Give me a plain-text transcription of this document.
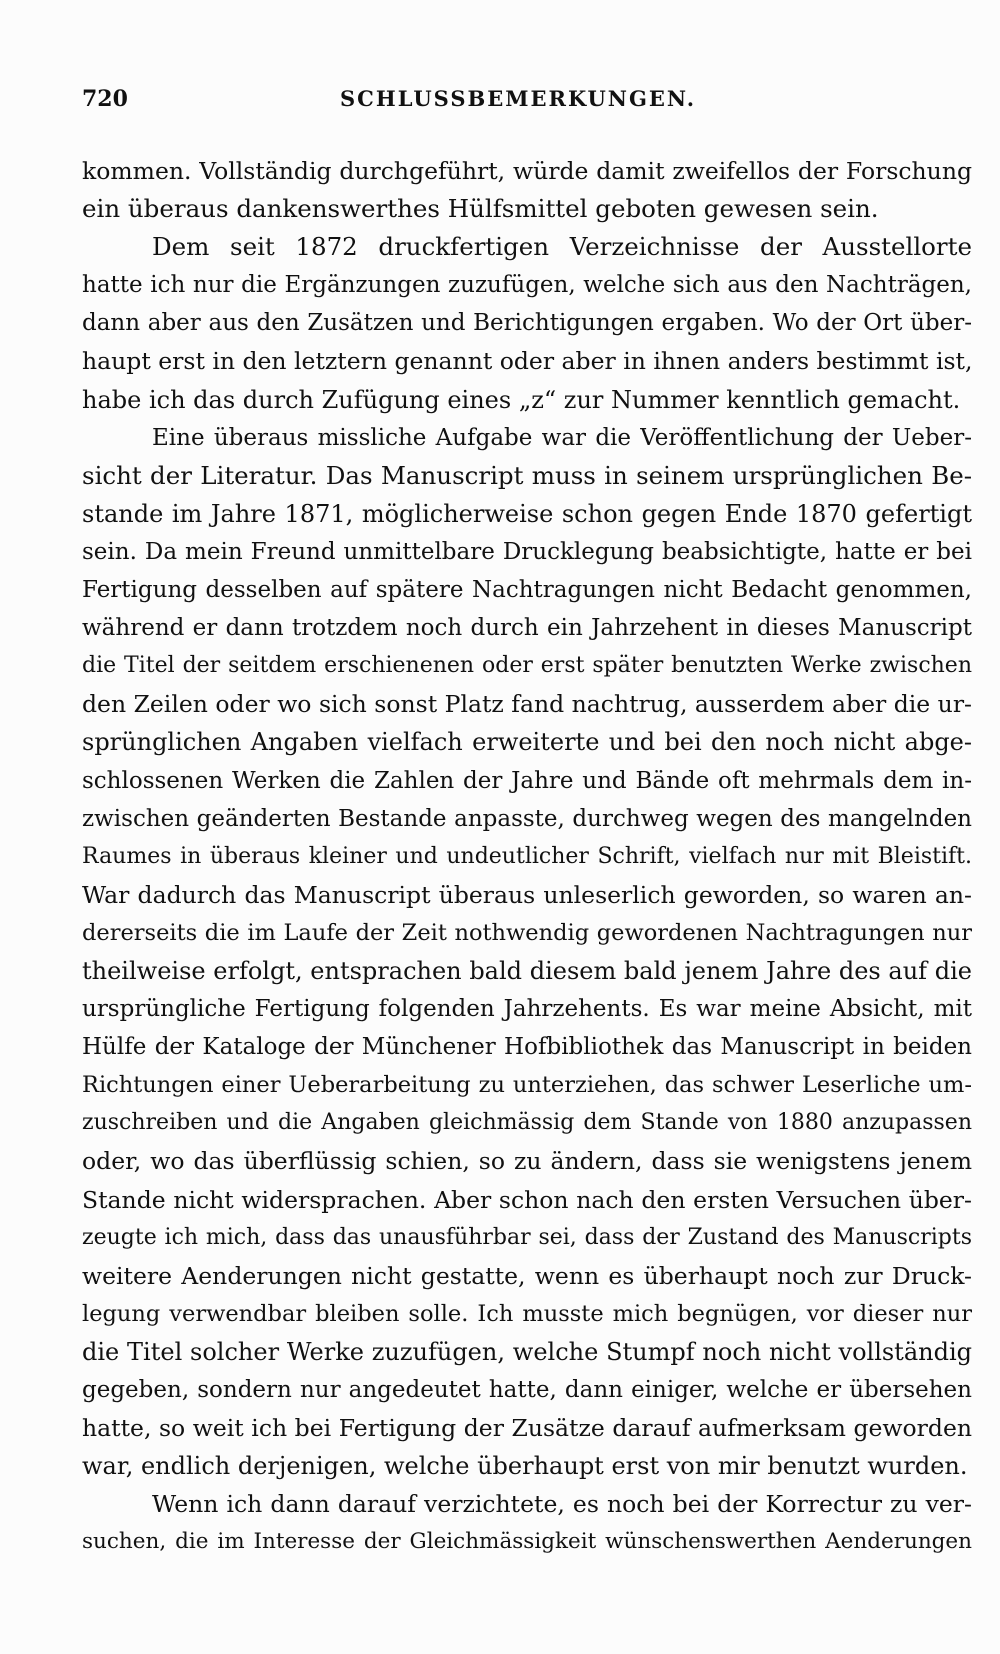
720	SCHLUSSBEMERKUNGEN.
kommen. Vollständig durchgeführt, würde damit zweifellos der Forschung
ein überaus dankenswerthes Hülfsmittel geboten gewesen sein.
Dem seit 1872 druckfertigen Verzeichnisse der Ausstellorte
hatte ich nur die Ergänzungen zuzufügen, welche sich aus den Nachträgen,
dann aber aus den Zusätzen und Berichtigungen ergaben. Wo der Ort über-
haupt erst in den letztern genannt oder aber in ihnen anders bestimmt ist,
habe ich das durch Zufügung eines „z“ zur Nummer kenntlich gemacht.
Eine überaus missliche Aufgabe war die Veröffentlichung der Ueber-
sicht der Literatur. Das Manuscript muss in seinem ursprünglichen Be-
stande im Jahre 1871, möglicherweise schon gegen Ende 1870 gefertigt
sein. Da mein Freund unmittelbare Drucklegung beabsichtigte, hatte er bei
Fertigung desselben auf spätere Nachtragungen nicht Bedacht genommen,
während er dann trotzdem noch durch ein Jahrzehent in dieses Manuscript
die Titel der seitdem erschienenen oder erst später benutzten Werke zwischen
den Zeilen oder wo sich sonst Platz fand nachtrug, ausserdem aber die ur-
sprünglichen Angaben vielfach erweiterte und bei den noch nicht abge-
schlossenen Werken die Zahlen der Jahre und Bände oft mehrmals dem in-
zwischen geänderten Bestande anpasste, durchweg wegen des mangelnden
Raumes in überaus kleiner und undeutlicher Schrift, vielfach nur mit Bleistift.
War dadurch das Manuscript überaus unleserlich geworden, so waren an-
dererseits die im Laufe der Zeit nothwendig gewordenen Nachtragungen nur
theilweise erfolgt, entsprachen bald diesem bald jenem Jahre des auf die
ursprüngliche Fertigung folgenden Jahrzehents. Es war meine Absicht, mit
Hülfe der Kataloge der Münchener Hofbibliothek das Manuscript in beiden
Richtungen einer Ueberarbeitung zu unterziehen, das schwer Leserliche um-
zuschreiben und die Angaben gleichmässig dem Stande von 1880 anzupassen
oder, wo das überflüssig schien, so zu ändern, dass sie wenigstens jenem
Stande nicht widersprachen. Aber schon nach den ersten Versuchen über-
zeugte ich mich, dass das unausführbar sei, dass der Zustand des Manuscripts
weitere Aenderungen nicht gestatte, wenn es überhaupt noch zur Druck-
legung verwendbar bleiben solle. Ich musste mich begnügen, vor dieser nur
die Titel solcher Werke zuzufügen, welche Stumpf noch nicht vollständig
gegeben, sondern nur angedeutet hatte, dann einiger, welche er übersehen
hatte, so weit ich bei Fertigung der Zusätze darauf aufmerksam geworden
war, endlich derjenigen, welche überhaupt erst von mir benutzt wurden.
Wenn ich dann darauf verzichtete, es noch bei der Korrectur zu ver-
suchen, die im Interesse der Gleichmässigkeit wünschenswerthen Aenderungen
